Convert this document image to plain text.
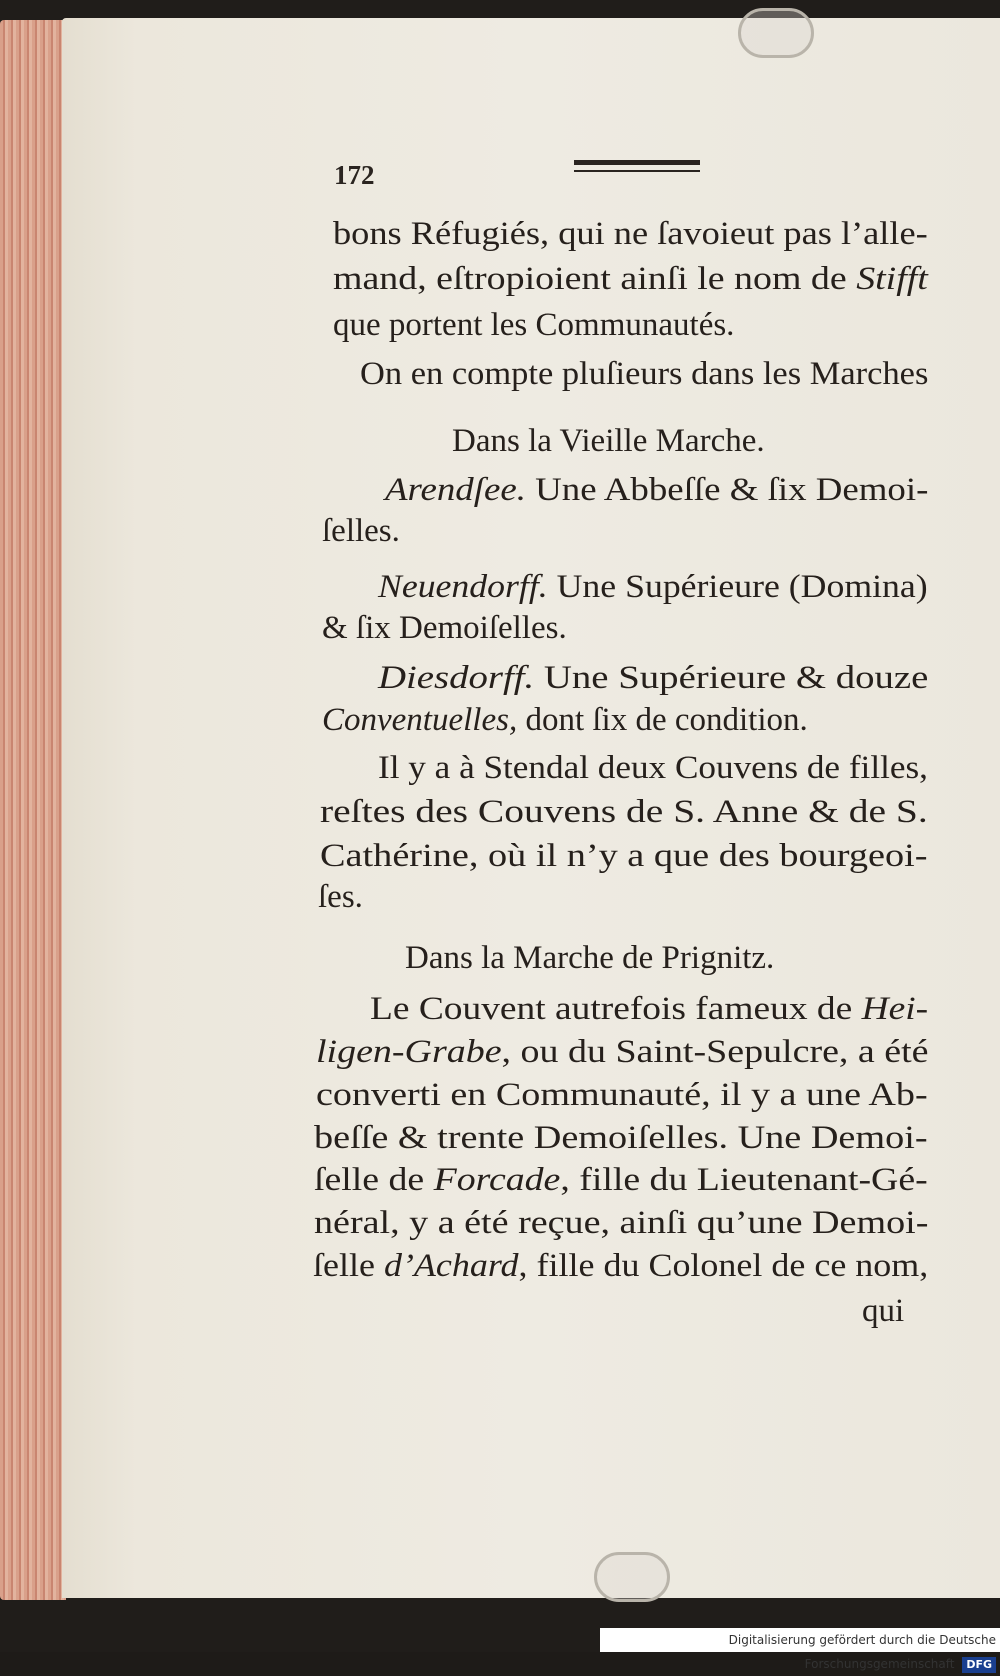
172
bons Réfugiés, qui ne ſavoieut pas l’alle-
mand, eſtropioient ainſi le nom de Stifft
que portent les Communautés.
On en compte pluſieurs dans les Marches
Dans la Vieille Marche.
Arendſee. Une Abbeſſe & ſix Demoi-
ſelles.
Neuendorff. Une Supérieure (Domina)
& ſix Demoiſelles.
Diesdorff. Une Supérieure & douze
Conventuelles, dont ſix de condition.
Il y a à Stendal deux Couvens de filles,
reſtes des Couvens de S. Anne & de S.
Cathérine, où il n’y a que des bourgeoi-
ſes.
Dans la Marche de Prignitz.
Le Couvent autrefois fameux de Hei-
ligen-Grabe, ou du Saint-Sepulcre, a été
converti en Communauté, il y a une Ab-
beſſe & trente Demoiſelles. Une Demoi-
ſelle de Forcade, fille du Lieutenant-Gé-
néral, y a été reçue, ainſi qu’une Demoi-
ſelle d’Achard, fille du Colonel de ce nom,
qui
Digitalisierung gefördert durch die Deutsche Forschungsgemeinschaft DFG
